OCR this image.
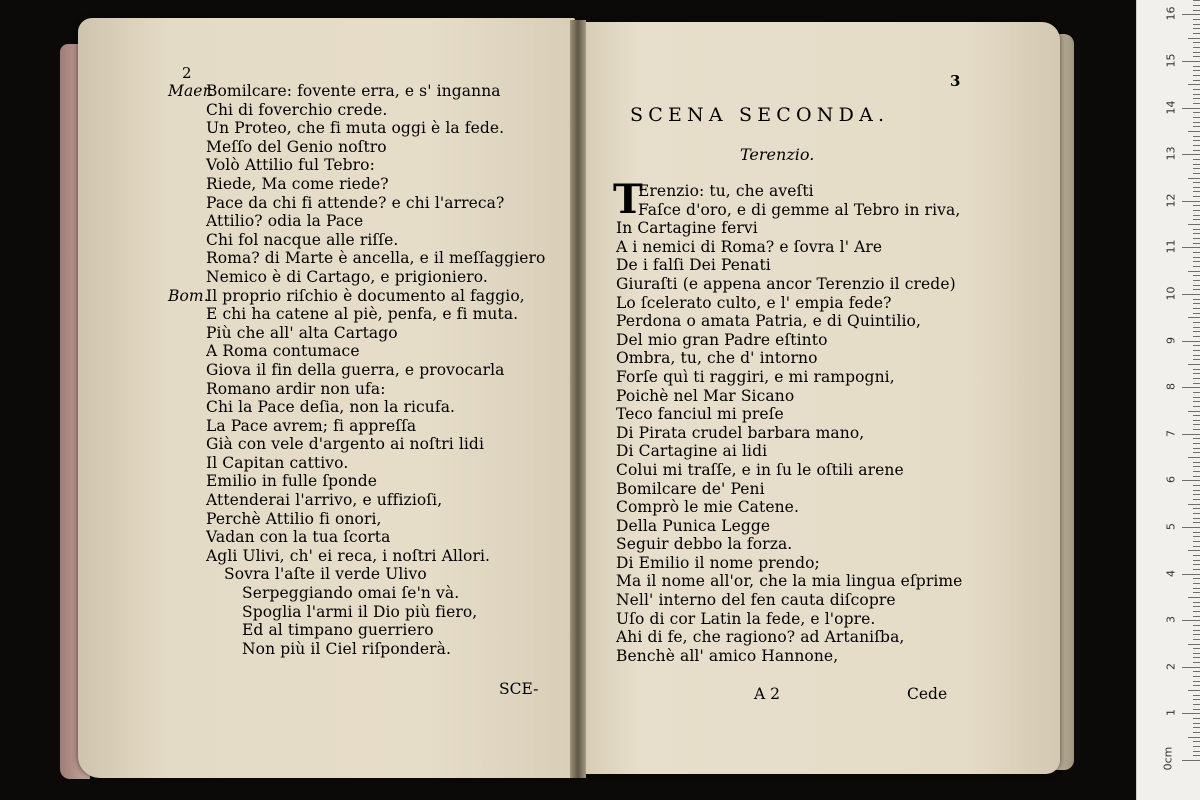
2
Maer.Bomilcare: fovente erra, e s' inganna
Chi di foverchio crede.
Un Proteo, che fi muta oggi è la fede.
Meſſo del Genio noſtro
Volò Attilio ful Tebro:
Riede, Ma come riede?
Pace da chi fi attende? e chi l'arreca?
Attilio? odia la Pace
Chi fol nacque alle riſſe.
Roma? di Marte è ancella, e il meſſaggiero
Nemico è di Cartago, e prigioniero.
Bom.Il proprio riſchio è documento al faggio,
E chi ha catene al piè, penfa, e fi muta.
Più che all' alta Cartago
A Roma contumace
Giova il fin della guerra, e provocarla
Romano ardir non ufa:
Chi la Pace deſia, non la ricufa.
La Pace avrem; fi appreſſa
Già con vele d'argento ai noſtri lidi
Il Capitan cattivo.
Emilio in fulle ſponde
Attenderai l'arrivo, e uffizioſi,
Perchè Attilio fi onori,
Vadan con la tua ſcorta
Agli Ulivi, ch' ei reca, i noſtri Allori.
Sovra l'aſte il verde Ulivo
Serpeggiando omai ſe'n và.
Spoglia l'armi il Dio più fiero,
Ed al timpano guerriero
Non più il Ciel riſponderà.
SCE-
3
SCENA SECONDA.
Terenzio.
T
Erenzio: tu, che aveſti
Faſce d'oro, e di gemme al Tebro in riva,
In Cartagine fervi
A i nemici di Roma? e ſovra l' Are
De i falſi Dei Penati
Giuraſti (e appena ancor Terenzio il crede)
Lo ſcelerato culto, e l' empia fede?
Perdona o amata Patria, e di Quintilio,
Del mio gran Padre eſtinto
Ombra, tu, che d' intorno
Forſe quì ti raggiri, e mi rampogni,
Poichè nel Mar Sicano
Teco fanciul mi preſe
Di Pirata crudel barbara mano,
Di Cartagine ai lidi
Colui mi traſſe, e in ſu le oſtili arene
Bomilcare de' Peni
Comprò le mie Catene.
Della Punica Legge
Seguir debbo la forza.
Di Emilio il nome prendo;
Ma il nome all'or, che la mia lingua eſprime
Nell' interno del fen cauta diſcopre
Uſo di cor Latin la fede, e l'opre.
Ahi di fe, che ragiono? ad Artaniſba,
Benchè all' amico Hannone,
A 2	Cede
0cm
1
2
3
4
5
6
7
8
9
10
11
12
13
14
15
16
